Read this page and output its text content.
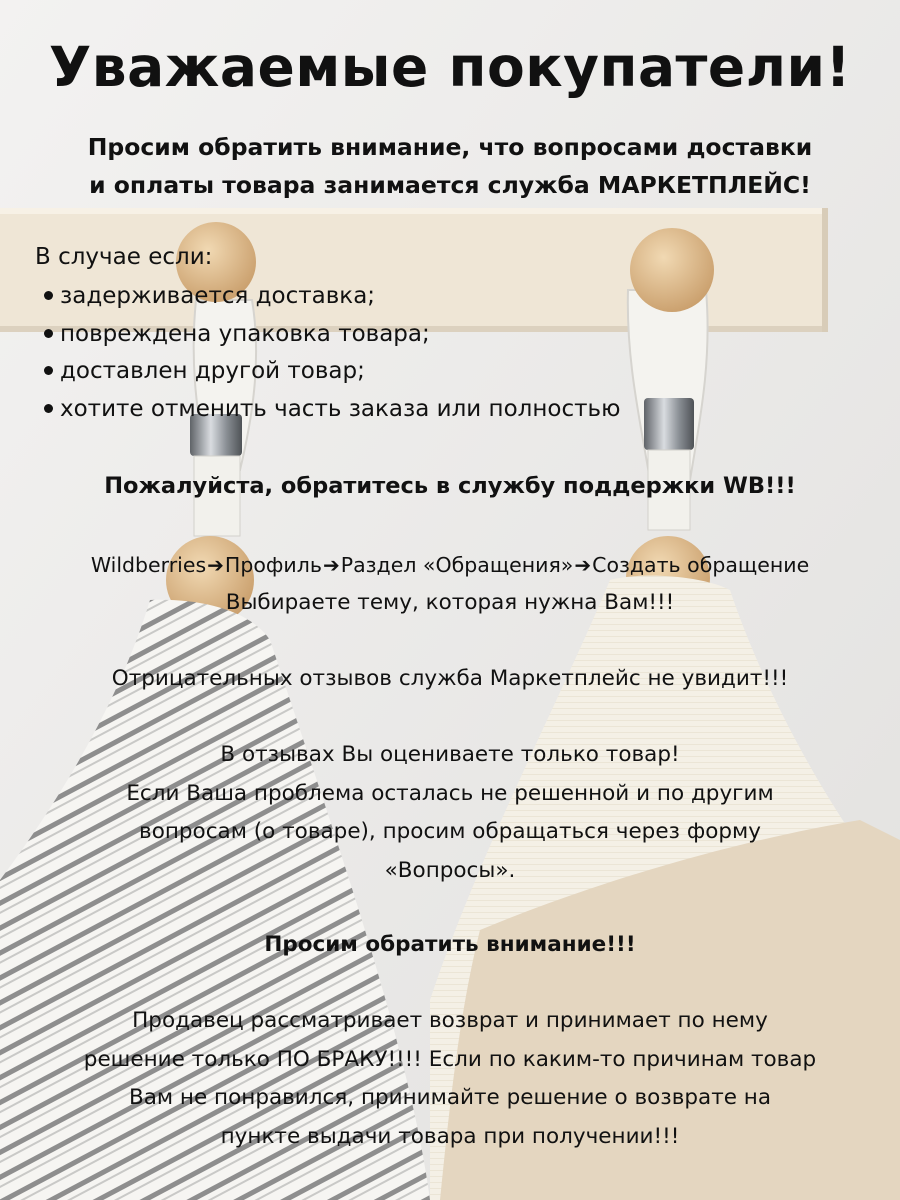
Уважаемые покупатели!
Просим обратить внимание, что вопросами доставки
и оплаты товара занимается служба МАРКЕТПЛЕЙС!
В случае если:
задерживается доставка;
повреждена упаковка товара;
доставлен другой товар;
хотите отменить часть заказа или полностью
Пожалуйста, обратитесь в службу поддержки WB!!!
Wildberries➔Профиль➔Раздел «Обращения»➔Создать обращение
Выбираете тему, которая нужна Вам!!!
Отрицательных отзывов служба Маркетплейс не увидит!!!
В отзывах Вы оцениваете только товар!
Если Ваша проблема осталась не решенной и по другим
вопросам (о товаре), просим обращаться через форму
«Вопросы».
Просим обратить внимание!!!
Продавец рассматривает возврат и принимает по нему
решение только ПО БРАКУ!!!! Если по каким-то причинам товар
Вам не понравился, принимайте решение о возврате на
пункте выдачи товара при получении!!!
